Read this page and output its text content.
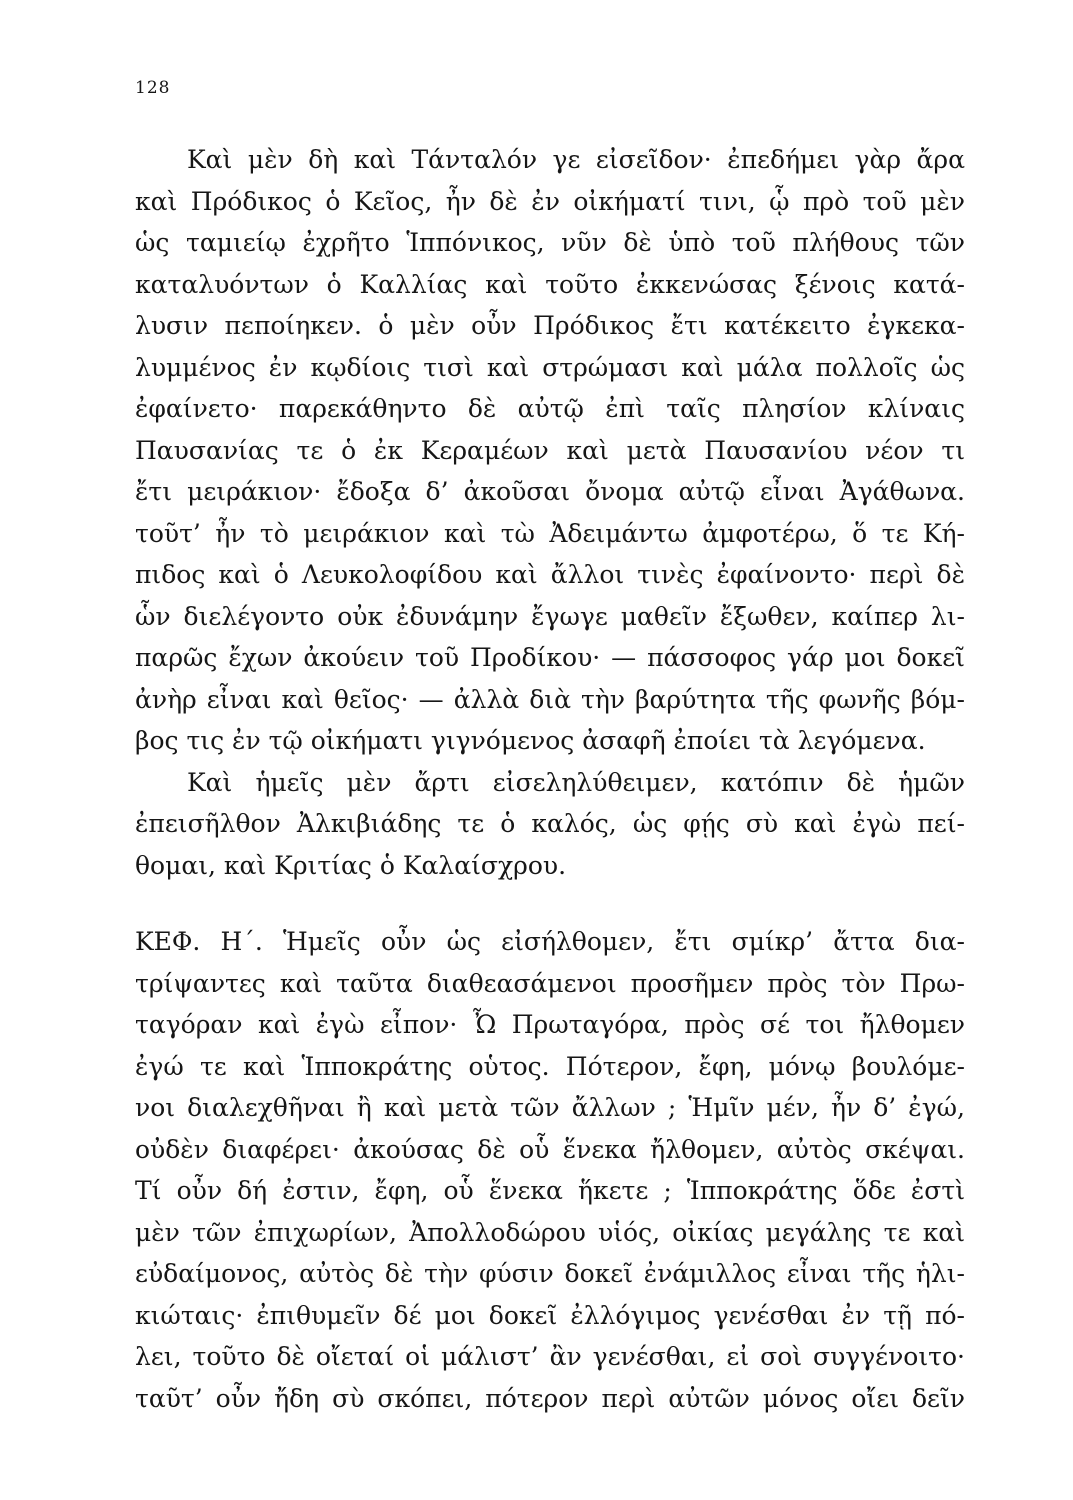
128
Καὶ μὲν δὴ καὶ Τάνταλόν γε εἰσεῖδον· ἐπεδήμει γὰρ ἄρα
καὶ Πρόδικος ὁ Κεῖος, ἦν δὲ ἐν οἰκήματί τινι, ᾧ πρὸ τοῦ μὲν
ὡς ταμιείῳ ἐχρῆτο Ἱππόνικος, νῦν δὲ ὑπὸ τοῦ πλήθους τῶν
καταλυόντων ὁ Καλλίας καὶ τοῦτο ἐκκενώσας ξένοις κατά-
λυσιν πεποίηκεν. ὁ μὲν οὖν Πρόδικος ἔτι κατέκειτο ἐγκεκα-
λυμμένος ἐν κῳδίοις τισὶ καὶ στρώμασι καὶ μάλα πολλοῖς ὡς
ἐφαίνετο· παρεκάθηντο δὲ αὐτῷ ἐπὶ ταῖς πλησίον κλίναις
Παυσανίας τε ὁ ἐκ Κεραμέων καὶ μετὰ Παυσανίου νέον τι
ἔτι μειράκιον· ἔδοξα δ’ ἀκοῦσαι ὄνομα αὐτῷ εἶναι Ἀγάθωνα.
τοῦτ’ ἦν τὸ μειράκιον καὶ τὼ Ἀδειμάντω ἀμφοτέρω, ὅ τε Κή-
πιδος καὶ ὁ Λευκολοφίδου καὶ ἄλλοι τινὲς ἐφαίνοντο· περὶ δὲ
ὧν διελέγοντο οὐκ ἐδυνάμην ἔγωγε μαθεῖν ἔξωθεν, καίπερ λι-
παρῶς ἔχων ἀκούειν τοῦ Προδίκου· — πάσσοφος γάρ μοι δοκεῖ
ἀνὴρ εἶναι καὶ θεῖος· — ἀλλὰ διὰ τὴν βαρύτητα τῆς φωνῆς βόμ-
βος τις ἐν τῷ οἰκήματι γιγνόμενος ἀσαφῆ ἐποίει τὰ λεγόμενα.
Καὶ ἡμεῖς μὲν ἄρτι εἰσεληλύθειμεν, κατόπιν δὲ ἡμῶν
ἐπεισῆλθον Ἀλκιβιάδης τε ὁ καλός, ὡς φῄς σὺ καὶ ἐγὼ πεί-
θομαι, καὶ Κριτίας ὁ Καλαίσχρου.
ΚΕΦ. Η΄. Ἡμεῖς οὖν ὡς εἰσήλθομεν, ἔτι σμίκρ’ ἄττα δια-
τρίψαντες καὶ ταῦτα διαθεασάμενοι προσῆμεν πρὸς τὸν Πρω-
ταγόραν καὶ ἐγὼ εἶπον· Ὦ Πρωταγόρα, πρὸς σέ τοι ἤλθομεν
ἐγώ τε καὶ Ἱπποκράτης οὑτος. Πότερον, ἔφη, μόνῳ βουλόμε-
νοι διαλεχθῆναι ἢ καὶ μετὰ τῶν ἄλλων ; Ἡμῖν μέν, ἦν δ’ ἐγώ,
οὐδὲν διαφέρει· ἀκούσας δὲ οὗ ἕνεκα ἤλθομεν, αὐτὸς σκέψαι.
Τί οὖν δή ἐστιν, ἔφη, οὗ ἕνεκα ἥκετε ; Ἱπποκράτης ὅδε ἐστὶ
μὲν τῶν ἐπιχωρίων, Ἀπολλοδώρου υἱός, οἰκίας μεγάλης τε καὶ
εὐδαίμονος, αὐτὸς δὲ τὴν φύσιν δοκεῖ ἐνάμιλλος εἶναι τῆς ἡλι-
κιώταις· ἐπιθυμεῖν δέ μοι δοκεῖ ἐλλόγιμος γενέσθαι ἐν τῇ πό-
λει, τοῦτο δὲ οἴεταί οἱ μάλιστ’ ἂν γενέσθαι, εἰ σοὶ συγγένοιτο·
ταῦτ’ οὖν ἤδη σὺ σκόπει, πότερον περὶ αὐτῶν μόνος οἴει δεῖν
